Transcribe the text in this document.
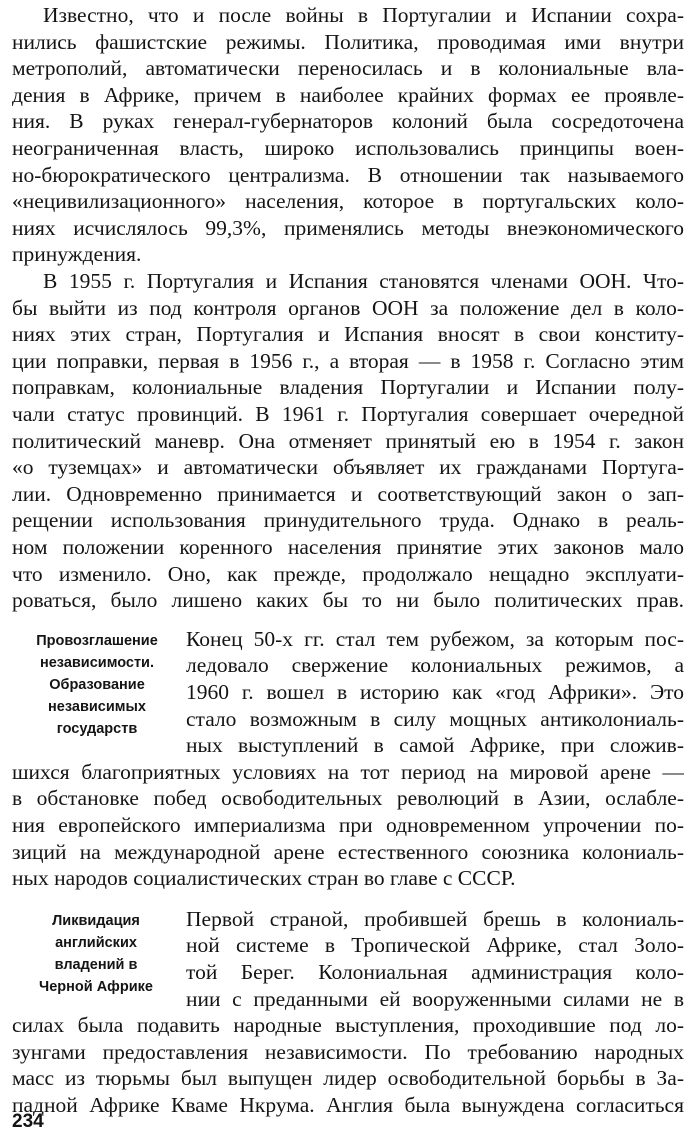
Известно, что и после войны в Португалии и Испании сохра-
нились фашистские режимы. Политика, проводимая ими внутри
метрополий, автоматически переносилась и в колониальные вла-
дения в Африке, причем в наиболее крайних формах ее проявле-
ния. В руках генерал-губернаторов колоний была сосредоточена
неограниченная власть, широко использовались принципы воен-
но-бюрократического централизма. В отношении так называемого
«нецивилизационного» населения, которое в португальских коло-
ниях исчислялось 99,3%, применялись методы внеэкономического
принуждения.
В 1955 г. Португалия и Испания становятся членами ООН. Что-
бы выйти из под контроля органов ООН за положение дел в коло-
ниях этих стран, Португалия и Испания вносят в свои конститу-
ции поправки, первая в 1956 г., а вторая — в 1958 г. Согласно этим
поправкам, колониальные владения Португалии и Испании полу-
чали статус провинций. В 1961 г. Португалия совершает очередной
политический маневр. Она отменяет принятый ею в 1954 г. закон
«о туземцах» и автоматически объявляет их гражданами Португа-
лии. Одновременно принимается и соответствующий закон о зап-
рещении использования принудительного труда. Однако в реаль-
ном положении коренного населения принятие этих законов мало
что изменило. Оно, как прежде, продолжало нещадно эксплуати-
роваться, было лишено каких бы то ни было политических прав.
Провозглашение
независимости.
Образование
независимых
государств
Конец 50-х гг. стал тем рубежом, за которым пос-
ледовало свержение колониальных режимов, а
1960 г. вошел в историю как «год Африки». Это
стало возможным в силу мощных антиколониаль-
ных выступлений в самой Африке, при сложив-
шихся благоприятных условиях на тот период на мировой арене —
в обстановке побед освободительных революций в Азии, ослабле-
ния европейского империализма при одновременном упрочении по-
зиций на международной арене естественного союзника колониаль-
ных народов социалистических стран во главе с СССР.
Ликвидация
английских
владений в
Черной Африке
Первой страной, пробившей брешь в колониаль-
ной системе в Тропической Африке, стал Золо-
той Берег. Колониальная администрация коло-
нии с преданными ей вооруженными силами не в
силах была подавить народные выступления, проходившие под ло-
зунгами предоставления независимости. По требованию народных
масс из тюрьмы был выпущен лидер освободительной борьбы в За-
падной Африке Кваме Нкрума. Англия была вынуждена согласиться
234
